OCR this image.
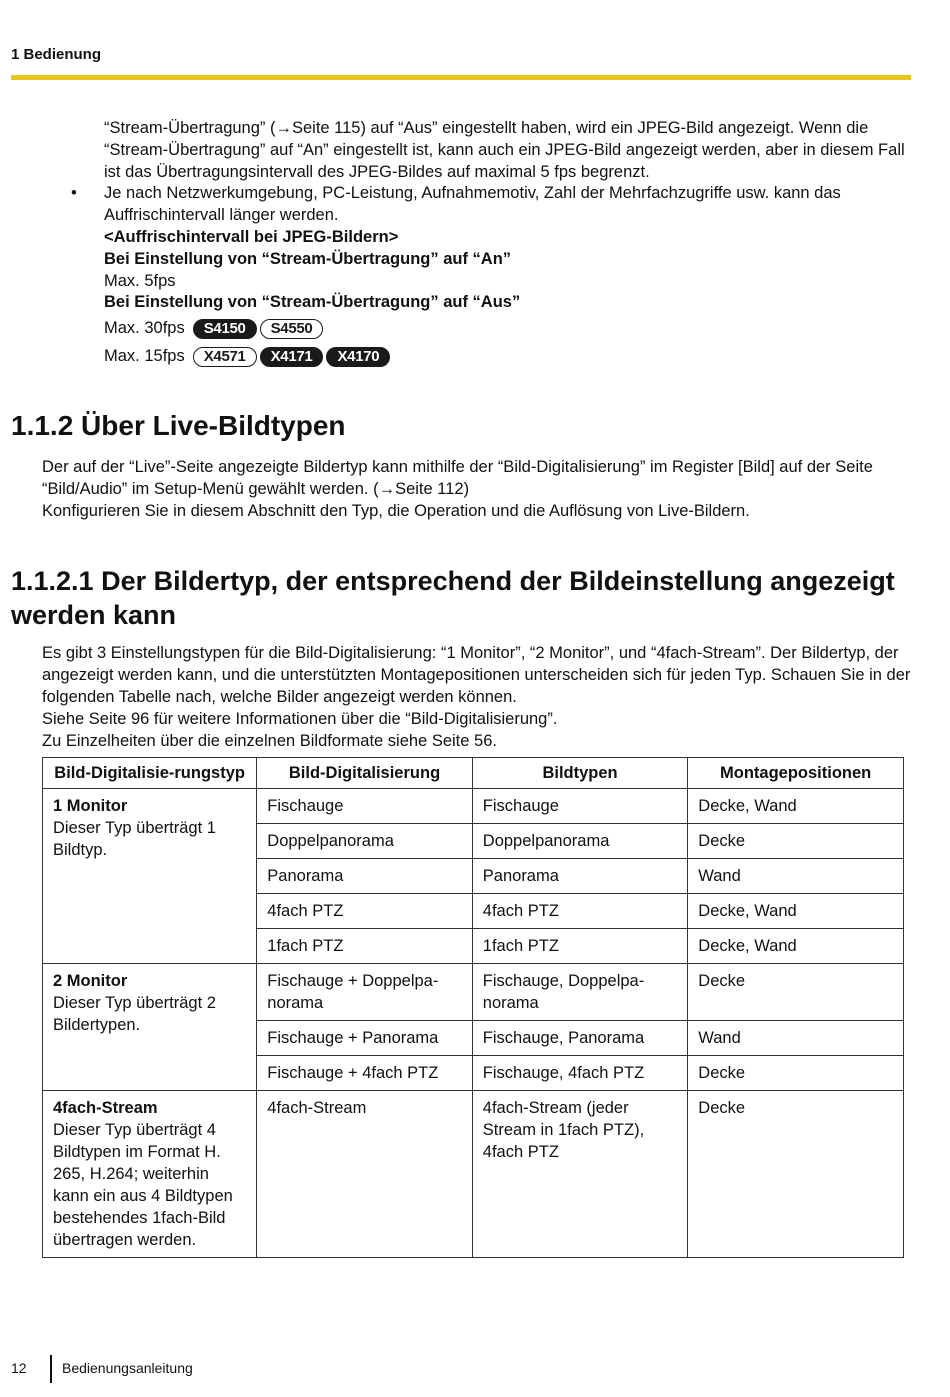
1 Bedienung

“Stream-Übertragung” (→Seite 115) auf “Aus” eingestellt haben, wird ein JPEG-Bild angezeigt. Wenn die “Stream-Übertragung” auf “An” eingestellt ist, kann auch ein JPEG-Bild angezeigt werden, aber in diesem Fall ist das Übertragungsintervall des JPEG-Bildes auf maximal 5 fps begrenzt.

• Je nach Netzwerkumgebung, PC-Leistung, Aufnahmemotiv, Zahl der Mehrfachzugriffe usw. kann das Auffrischintervall länger werden.

<Auffrischintervall bei JPEG-Bildern>

Bei Einstellung von “Stream-Übertragung” auf “An”

Max. 5fps

Bei Einstellung von “Stream-Übertragung” auf “Aus”

Max. 30fps	S4150	S4550
Max. 15fps	X4571	X4171	X4170
1.1.2 Über Live-Bildtypen

Der auf der “Live”-Seite angezeigte Bildertyp kann mithilfe der “Bild-Digitalisierung” im Register [Bild] auf der Seite “Bild/Audio” im Setup-Menü gewählt werden. (→Seite 112)

Konfigurieren Sie in diesem Abschnitt den Typ, die Operation und die Auflösung von Live-Bildern.

1.1.2.1 Der Bildertyp, der entsprechend der Bildeinstellung angezeigt werden kann

Es gibt 3 Einstellungstypen für die Bild-Digitalisierung: “1 Monitor”, “2 Monitor”, und “4fach-Stream”. Der Bildertyp, der angezeigt werden kann, und die unterstützten Montagepositionen unterscheiden sich für jeden Typ. Schauen Sie in der folgenden Tabelle nach, welche Bilder angezeigt werden können.

Siehe Seite 96 für weitere Informationen über die “Bild-Digitalisierung”.

Zu Einzelheiten über die einzelnen Bildformate siehe Seite 56.

Bild-Digitalisie-rungstyp	Bild-Digitalisierung	Bildtypen	Montagepositionen

1 Monitor
Dieser Typ überträgt 1 Bildtyp.	Fischauge	Fischauge	Decke, Wand
	Doppelpanorama	Doppelpanorama	Decke
	Panorama	Panorama	Wand
	4fach PTZ	4fach PTZ	Decke, Wand
	1fach PTZ	1fach PTZ	Decke, Wand

2 Monitor
Dieser Typ überträgt 2 Bildertypen.	Fischauge + Doppelpa-norama	Fischauge, Doppelpa-norama	Decke
	Fischauge + Panorama	Fischauge, Panorama	Wand
	Fischauge + 4fach PTZ	Fischauge, 4fach PTZ	Decke

4fach-Stream
Dieser Typ überträgt 4 Bildtypen im Format H. 265, H.264; weiterhin kann ein aus 4 Bildtypen bestehendes 1fach-Bild übertragen werden.	4fach-Stream	4fach-Stream (jeder Stream in 1fach PTZ), 4fach PTZ	Decke
12	Bedienungsanleitung
